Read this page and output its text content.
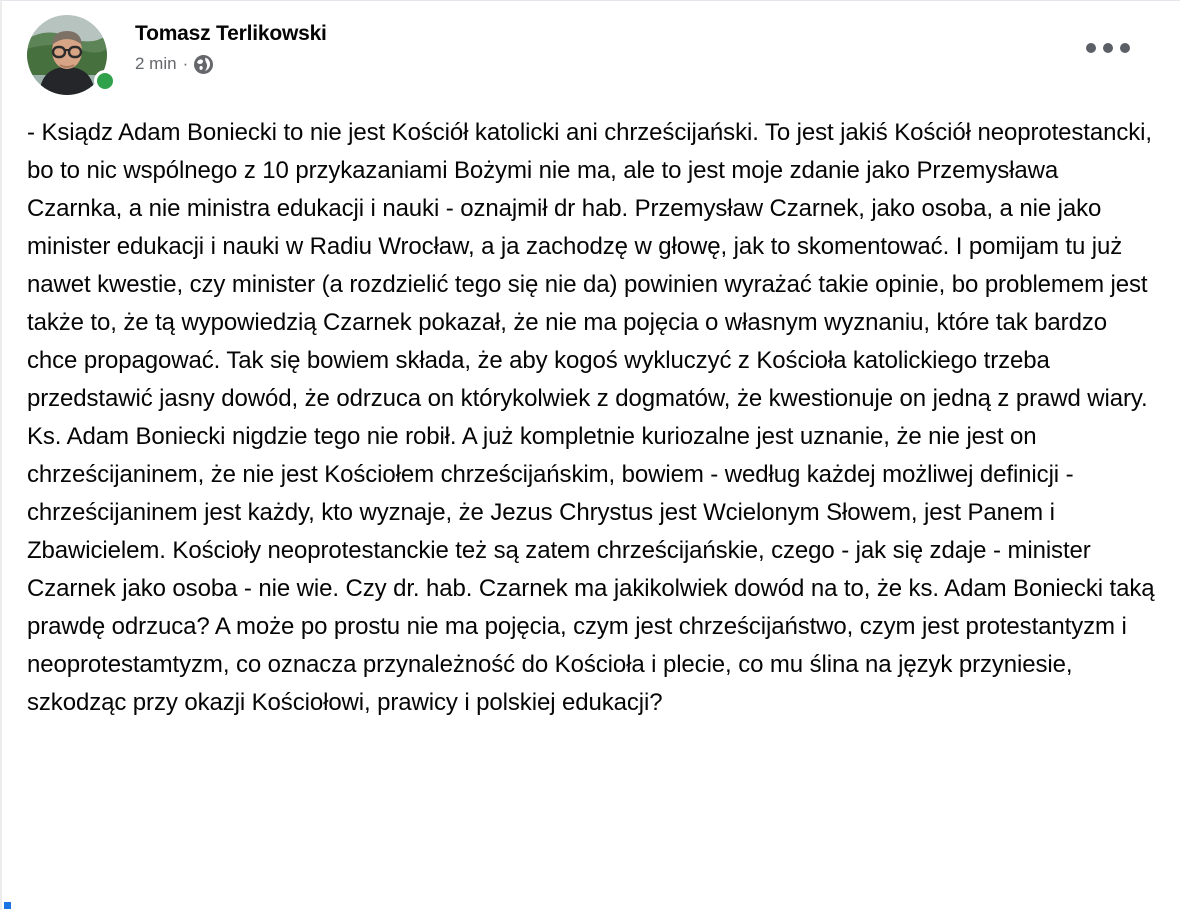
Tomasz Terlikowski
2 min ·
- Ksiądz Adam Boniecki to nie jest Kościół katolicki ani chrześcijański. To jest jakiś Kościół neoprotestancki, bo to nic wspólnego z 10 przykazaniami Bożymi nie ma, ale to jest moje zdanie jako Przemysława Czarnka, a nie ministra edukacji i nauki - oznajmił dr hab. Przemysław Czarnek, jako osoba, a nie jako minister edukacji i nauki w Radiu Wrocław, a ja zachodzę w głowę, jak to skomentować. I pomijam tu już nawet kwestie, czy minister (a rozdzielić tego się nie da) powinien wyrażać takie opinie, bo problemem jest także to, że tą wypowiedzią Czarnek pokazał, że nie ma pojęcia o własnym wyznaniu, które tak bardzo chce propagować. Tak się bowiem składa, że aby kogoś wykluczyć z Kościoła katolickiego trzeba przedstawić jasny dowód, że odrzuca on którykolwiek z dogmatów, że kwestionuje on jedną z prawd wiary. Ks. Adam Boniecki nigdzie tego nie robił. A już kompletnie kuriozalne jest uznanie, że nie jest on chrześcijaninem, że nie jest Kościołem chrześcijańskim, bowiem - według każdej możliwej definicji - chrześcijaninem jest każdy, kto wyznaje, że Jezus Chrystus jest Wcielonym Słowem, jest Panem i Zbawicielem. Kościoły neoprotestanckie też są zatem chrześcijańskie, czego - jak się zdaje - minister Czarnek jako osoba - nie wie. Czy dr. hab. Czarnek ma jakikolwiek dowód na to, że ks. Adam Boniecki taką prawdę odrzuca? A może po prostu nie ma pojęcia, czym jest chrześcijaństwo, czym jest protestantyzm i neoprotestamtyzm, co oznacza przynależność do Kościoła i plecie, co mu ślina na język przyniesie, szkodząc przy okazji Kościołowi, prawicy i polskiej edukacji?
